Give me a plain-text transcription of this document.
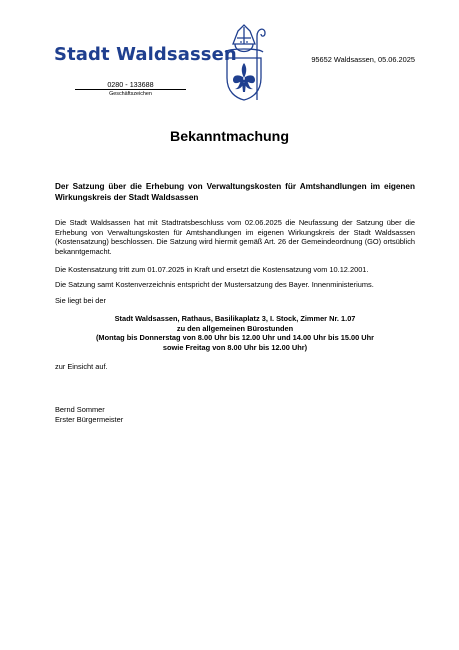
Stadt Waldsassen	95652 Waldsassen, 05.06.2025
0280 - 133688
Geschäftszeichen
Bekanntmachung
Der Satzung über die Erhebung von Verwaltungskosten für Amtshandlungen im eigenen Wirkungskreis der Stadt Waldsassen

Die Stadt Waldsassen hat mit Stadtratsbeschluss vom 02.06.2025 die Neufassung der Satzung über die Erhebung von Verwaltungskosten für Amtshandlungen im eigenen Wirkungskreis der Stadt Waldsassen (Kostensatzung) beschlossen. Die Satzung wird hiermit gemäß Art. 26 der Gemeindeordnung (GO) ortsüblich bekanntgemacht.

Die Kostensatzung tritt zum 01.07.2025 in Kraft und ersetzt die Kostensatzung vom 10.12.2001.

Die Satzung samt Kostenverzeichnis entspricht der Mustersatzung des Bayer. Innenministeriums.

Sie liegt bei der

Stadt Waldsassen, Rathaus, Basilikaplatz 3, I. Stock, Zimmer Nr. 1.07
zu den allgemeinen Bürostunden
(Montag bis Donnerstag von 8.00 Uhr bis 12.00 Uhr und 14.00 Uhr bis 15.00 Uhr
sowie Freitag von 8.00 Uhr bis 12.00 Uhr)

zur Einsicht auf.

Bernd Sommer
Erster Bürgermeister
